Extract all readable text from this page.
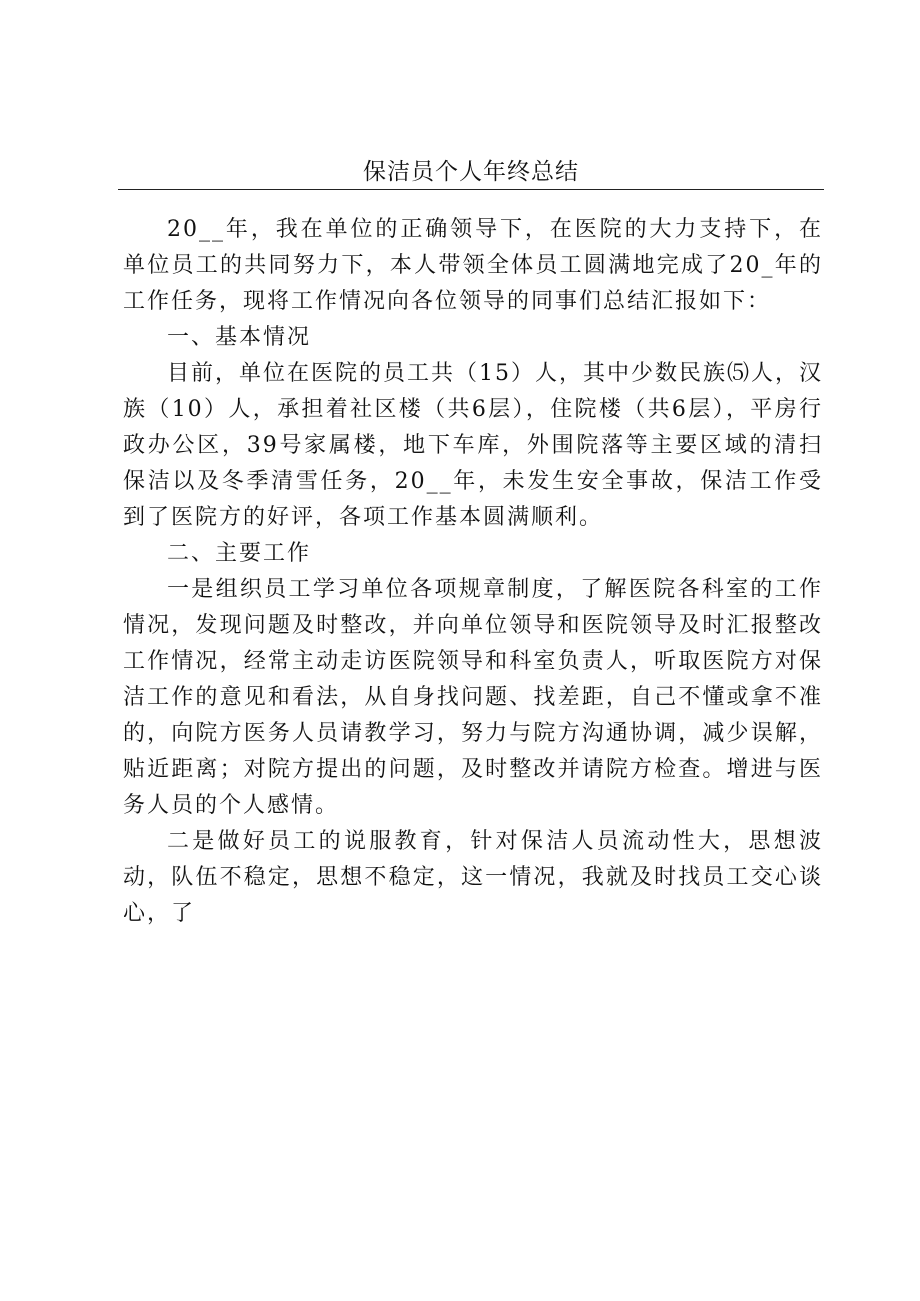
保洁员个人年终总结

20__年，我在单位的正确领导下，在医院的大力支持下，在单位员工的共同努力下，本人带领全体员工圆满地完成了20_年的工作任务，现将工作情况向各位领导的同事们总结汇报如下：

一、基本情况

目前，单位在医院的员工共（15）人，其中少数民族⑸人，汉族（10）人，承担着社区楼（共6层），住院楼（共6层），平房行政办公区，39号家属楼，地下车库，外围院落等主要区域的清扫保洁以及冬季清雪任务，20__年，未发生安全事故，保洁工作受到了医院方的好评，各项工作基本圆满顺利。

二、主要工作

一是组织员工学习单位各项规章制度，了解医院各科室的工作情况，发现问题及时整改，并向单位领导和医院领导及时汇报整改工作情况，经常主动走访医院领导和科室负责人，听取医院方对保洁工作的意见和看法，从自身找问题、找差距，自己不懂或拿不准的，向院方医务人员请教学习，努力与院方沟通协调，减少误解，贴近距离；对院方提出的问题，及时整改并请院方检查。增进与医务人员的个人感情。

二是做好员工的说服教育，针对保洁人员流动性大，思想波动，队伍不稳定，思想不稳定，这一情况，我就及时找员工交心谈心，了
